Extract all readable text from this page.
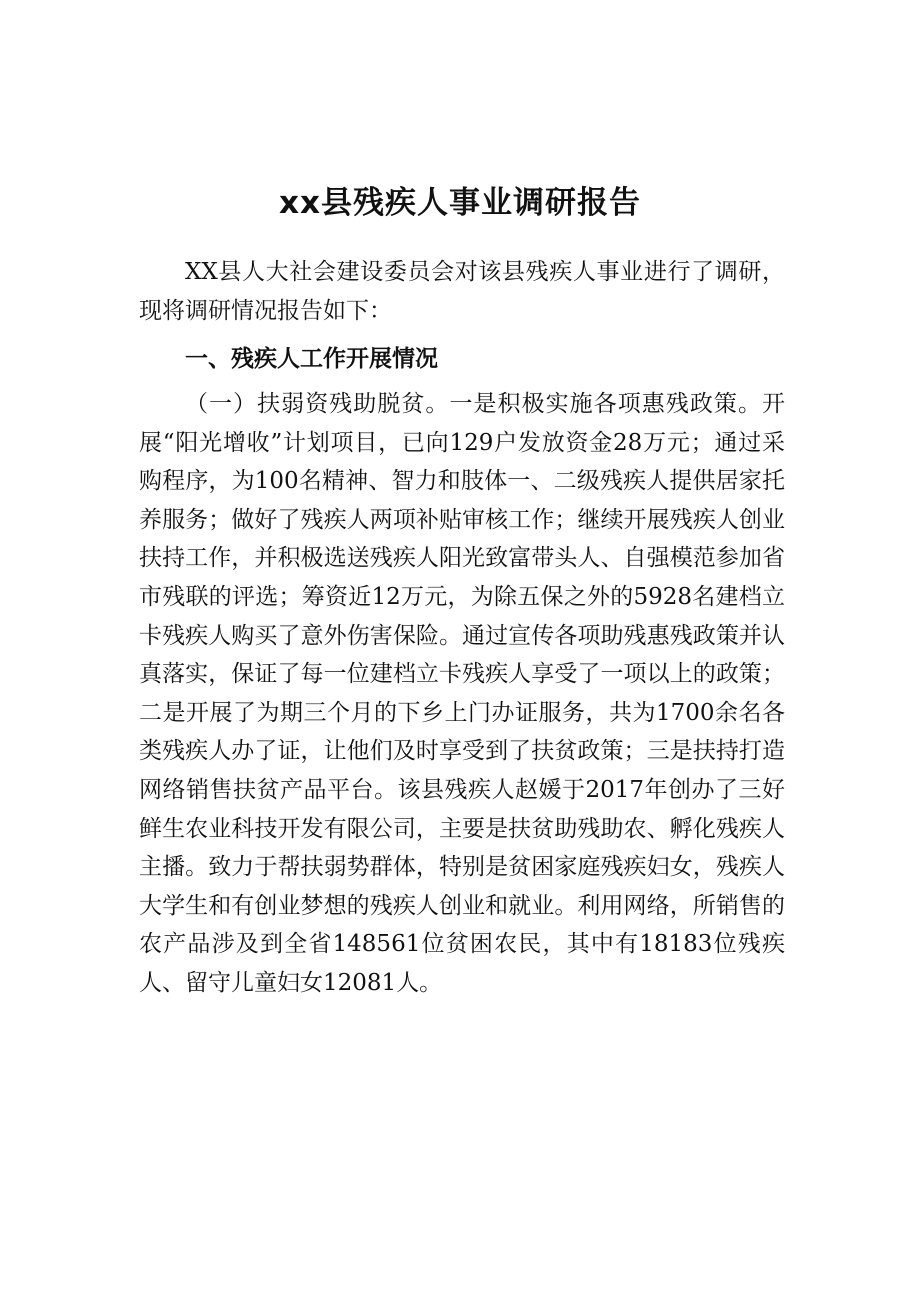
xx县残疾人事业调研报告

XX县人大社会建设委员会对该县残疾人事业进行了调研，现将调研情况报告如下：

一、残疾人工作开展情况

（一）扶弱资残助脱贫。一是积极实施各项惠残政策。开展“阳光增收”计划项目，已向129户发放资金28万元；通过采购程序，为100名精神、智力和肢体一、二级残疾人提供居家托养服务；做好了残疾人两项补贴审核工作；继续开展残疾人创业扶持工作，并积极选送残疾人阳光致富带头人、自强模范参加省市残联的评选；筹资近12万元，为除五保之外的5928名建档立卡残疾人购买了意外伤害保险。通过宣传各项助残惠残政策并认真落实，保证了每一位建档立卡残疾人享受了一项以上的政策；二是开展了为期三个月的下乡上门办证服务，共为1700余名各类残疾人办了证，让他们及时享受到了扶贫政策；三是扶持打造网络销售扶贫产品平台。该县残疾人赵媛于2017年创办了三好鲜生农业科技开发有限公司，主要是扶贫助残助农、孵化残疾人主播。致力于帮扶弱势群体，特别是贫困家庭残疾妇女，残疾人大学生和有创业梦想的残疾人创业和就业。利用网络，所销售的农产品涉及到全省148561位贫困农民，其中有18183位残疾人、留守儿童妇女12081人。
